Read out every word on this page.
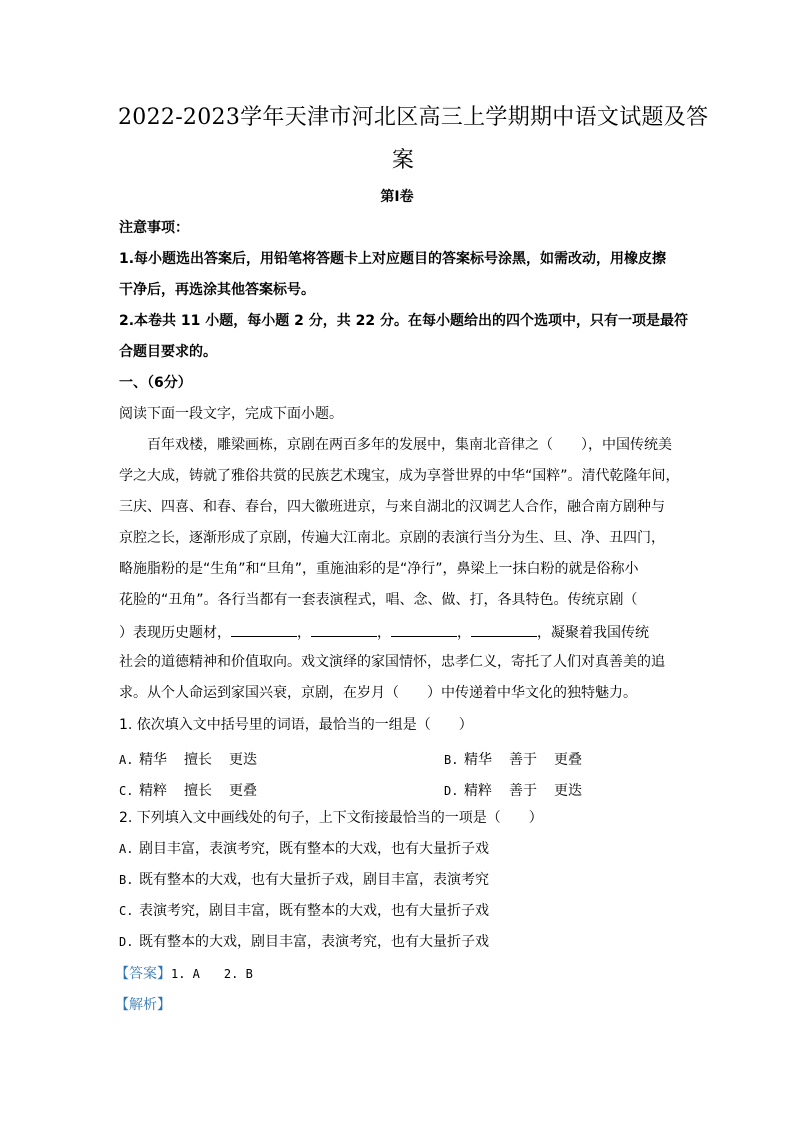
2022-2023学年天津市河北区高三上学期期中语文试题及答
案
第I卷
注意事项：
1.每小题选出答案后，用铅笔将答题卡上对应题目的答案标号涂黑，如需改动，用橡皮擦
干净后，再选涂其他答案标号。
2.本卷共 11 小题，每小题 2 分，共 22 分。在每小题给出的四个选项中，只有一项是最符
合题目要求的。
一、（6分）
阅读下面一段文字，完成下面小题。
百年戏楼，雕梁画栋，京剧在两百多年的发展中，集南北音律之（　　），中国传统美
学之大成，铸就了雅俗共赏的民族艺术瑰宝，成为享誉世界的中华“国粹”。清代乾隆年间，
三庆、四喜、和春、春台，四大徽班进京，与来自湖北的汉调艺人合作，融合南方剧种与
京腔之长，逐渐形成了京剧，传遍大江南北。京剧的表演行当分为生、旦、净、丑四门，
略施脂粉的是“生角”和“旦角”，重施油彩的是“净行”，鼻梁上一抹白粉的就是俗称小
花脸的“丑角”。各行当都有一套表演程式，唱、念、做、打，各具特色。传统京剧（
）表现历史题材，	，	，	，	，凝聚着我国传统
社会的道德精神和价值取向。戏文演绎的家国情怀，忠孝仁义，寄托了人们对真善美的追
求。从个人命运到家国兴衰，京剧，在岁月（　　）中传递着中华文化的独特魅力。
1. 依次填入文中括号里的词语，最恰当的一组是（　　）
A. 精华 擅长 更迭	B. 精华 善于 更叠
C. 精粹 擅长 更叠	D. 精粹 善于 更迭
2. 下列填入文中画线处的句子，上下文衔接最恰当的一项是（　　）
A. 剧目丰富，表演考究，既有整本的大戏，也有大量折子戏
B. 既有整本的大戏，也有大量折子戏，剧目丰富，表演考究
C. 表演考究，剧目丰富，既有整本的大戏，也有大量折子戏
D. 既有整本的大戏，剧目丰富，表演考究，也有大量折子戏
【答案】1. A　　2. B
【解析】
